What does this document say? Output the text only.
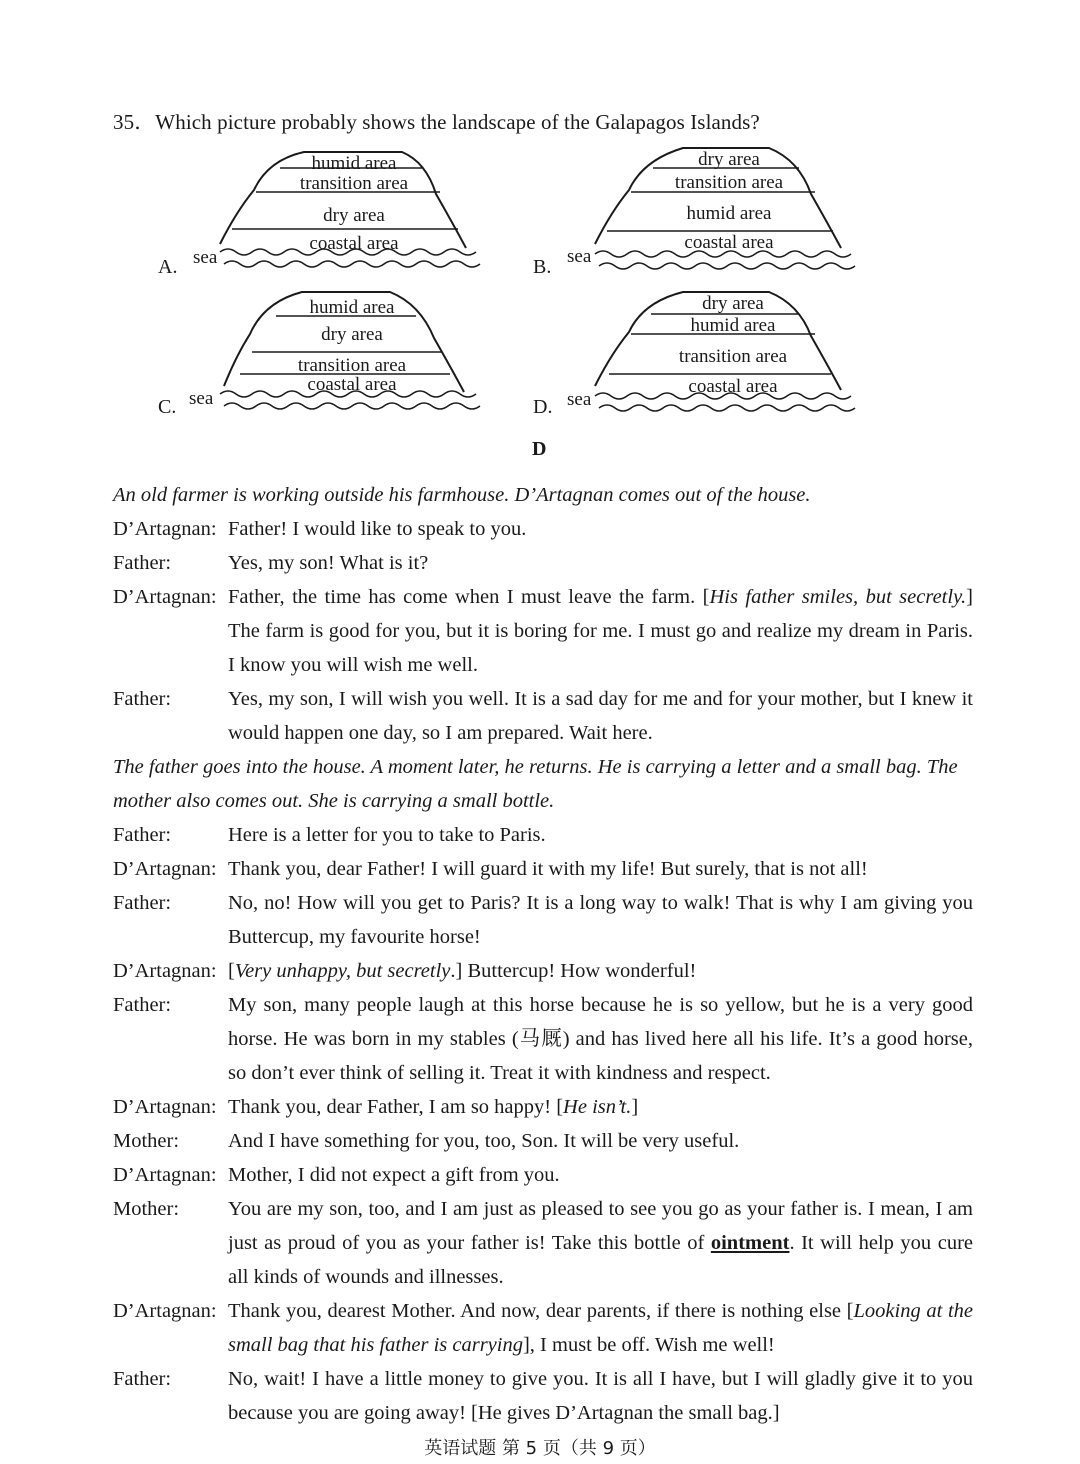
35．Which picture probably shows the landscape of the Galapagos Islands?
A. sea
humid area
transition area
dry area
coastal area
B. sea
dry area
transition area
humid area
coastal area
C. sea
humid area
dry area
transition area
coastal area
D. sea
dry area
humid area
transition area
coastal area
D
An old farmer is working outside his farmhouse. D’Artagnan comes out of the house.
D’Artagnan: Father! I would like to speak to you.
Father:	Yes, my son! What is it?
D’Artagnan: Father, the time has come when I must leave the farm. [His father smiles, but secretly.] The farm is good for you, but it is boring for me. I must go and realize my dream in Paris. I know you will wish me well.
Father:	Yes, my son, I will wish you well. It is a sad day for me and for your mother, but I knew it would happen one day, so I am prepared. Wait here.
The father goes into the house. A moment later, he returns. He is carrying a letter and a small bag. The mother also comes out. She is carrying a small bottle.
Father:	Here is a letter for you to take to Paris.
D’Artagnan: Thank you, dear Father! I will guard it with my life! But surely, that is not all!
Father:	No, no! How will you get to Paris? It is a long way to walk! That is why I am giving you Buttercup, my favourite horse!
D’Artagnan: [Very unhappy, but secretly.] Buttercup! How wonderful!
Father:	My son, many people laugh at this horse because he is so yellow, but he is a very good horse. He was born in my stables (马厩) and has lived here all his life. It’s a good horse, so don’t ever think of selling it. Treat it with kindness and respect.
D’Artagnan: Thank you, dear Father, I am so happy! [He isn’t.]
Mother:	And I have something for you, too, Son. It will be very useful.
D’Artagnan: Mother, I did not expect a gift from you.
Mother:	You are my son, too, and I am just as pleased to see you go as your father is. I mean, I am just as proud of you as your father is! Take this bottle of ointment. It will help you cure all kinds of wounds and illnesses.
D’Artagnan: Thank you, dearest Mother. And now, dear parents, if there is nothing else [Looking at the small bag that his father is carrying], I must be off. Wish me well!
Father:	No, wait! I have a little money to give you. It is all I have, but I will gladly give it to you because you are going away! [He gives D’Artagnan the small bag.]
英语试题 第 5 页（共 9 页）
